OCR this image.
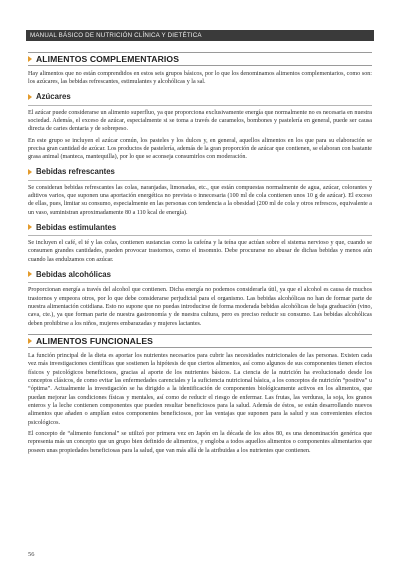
MANUAL BÁSICO DE NUTRICIÓN CLÍNICA Y DIETÉTICA
ALIMENTOS COMPLEMENTARIOS

Hay alimentos que no están comprendidos en estos seis grupos básicos, por lo que los denominamos alimentos complementarios, como son: los azúcares, las bebidas refrescantes, estimulantes y alcohólicas y la sal.

Azúcares

El azúcar puede considerarse un alimento superfluo, ya que proporciona exclusivamente energía que normalmente no es necesaria en nuestra sociedad. Además, el exceso de azúcar, especialmente si se toma a través de caramelos, bombones y pastelería en general, puede ser causa directa de caries dentaria y de sobrepeso.

En este grupo se incluyen el azúcar común, los pasteles y los dulces y, en general, aquellos alimentos en los que para su elaboración se precisa gran cantidad de azúcar. Los productos de pastelería, además de la gran proporción de azúcar que contienen, se elaboran con bastante grasa animal (manteca, mantequilla), por lo que se aconseja consumirlos con moderación.

Bebidas refrescantes

Se consideran bebidas refrescantes las colas, naranjadas, limonadas, etc., que están compuestas normalmente de agua, azúcar, colorantes y aditivos varios, que suponen una aportación energética no prevista o innecesaria (100 ml de cola contienen unos 10 g de azúcar). El exceso de ellas, pues, limitar su consumo, especialmente en las personas con tendencia a la obesidad (200 ml de cola y otros refrescos, equivalente a un vaso, suministran aproximadamente 80 a 110 kcal de energía).

Bebidas estimulantes

Se incluyen el café, el té y las colas, contienen sustancias como la cafeína y la teína que actúan sobre el sistema nervioso y que, cuando se consumen grandes cantidades, pueden provocar trastornos, como el insomnio. Debe procurarse no abusar de dichas bebidas y menos aún cuando las endulzamos con azúcar.

Bebidas alcohólicas

Proporcionan energía a través del alcohol que contienen. Dicha energía no podemos considerarla útil, ya que el alcohol es causa de muchos trastornos y empeora otros, por lo que debe considerarse perjudicial para el organismo. Las bebidas alcohólicas no han de formar parte de nuestra alimentación cotidiana. Esto no supone que no puedas introducirse de forma moderada bebidas alcohólicas de baja graduación (vino, cava, cte.), ya que forman parte de nuestra gastronomía y de nuestra cultura, pero es preciso reducir su consumo. Las bebidas alcohólicas deben prohibirse a los niños, mujeres embarazadas y mujeres lactantes.

ALIMENTOS FUNCIONALES

La función principal de la dieta es aportar los nutrientes necesarios para cubrir las necesidades nutricionales de las personas. Existen cada vez más investigaciones científicas que sostienen la hipótesis de que ciertos alimentos, así como algunos de sus componentes tienen efectos físicos y psicológicos beneficiosos, gracias al aporte de los nutrientes básicos. La ciencia de la nutrición ha evolucionado desde los conceptos clásicos, de como evitar las enfermedades carenciales y la suficiencia nutricional básica, a los conceptos de nutrición “positiva” u “óptima”. Actualmente la investigación se ha dirigido a la identificación de componentes biológicamente activos en los alimentos, que puedan mejorar las condiciones físicas y mentales, así como de reducir el riesgo de enfermar. Las frutas, las verduras, la soja, los granos enteros y la leche contienen componentes que pueden resultar beneficiosos para la salud. Además de éstos, se están desarrollando nuevos alimentos que añaden o amplían estos componentes beneficiosos, por las ventajas que suponen para la salud y sus convenientes efectos psicológicos.

El concepto de “alimento funcional” se utilizó por primera vez en Japón en la década de los años 80, es una denominación genérica que representa más un concepto que un grupo bien definido de alimentos, y engloba a todos aquellos alimentos o componentes alimentarios que poseen unas propiedades beneficiosas para la salud, que van más allá de la atribuidas a los nutrientes que contienen.

56
